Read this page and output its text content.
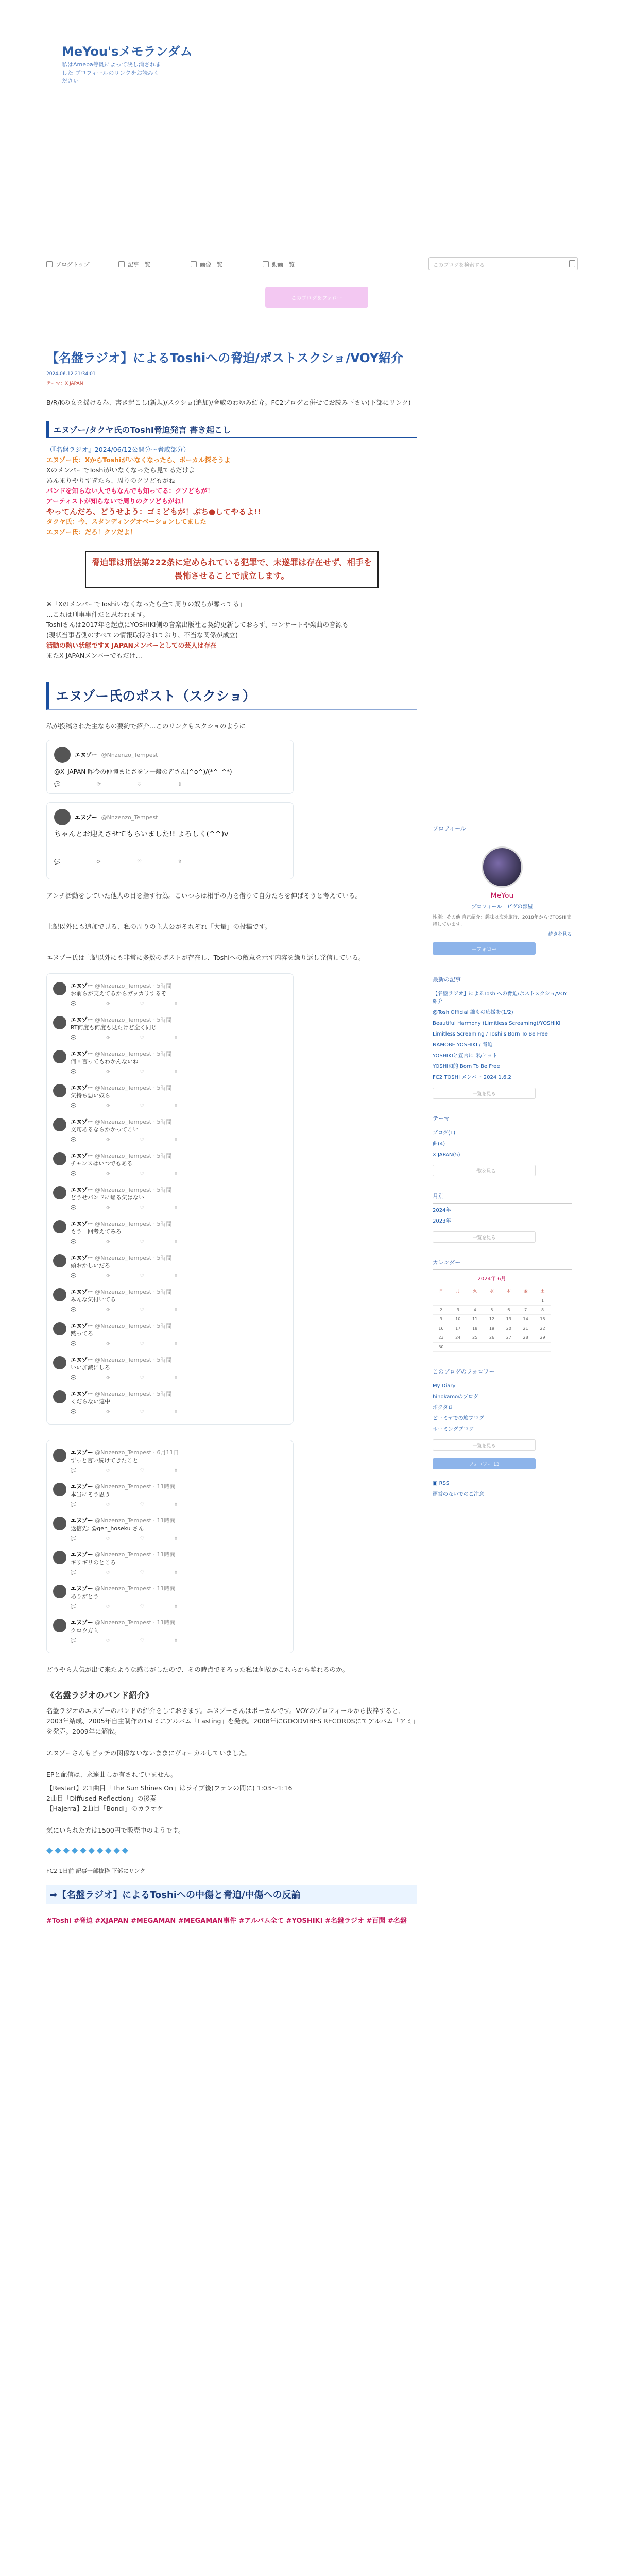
MeYou'sメモランダム
私はAmeba等既によって決し消されました プロフィールのリンクをお読みください
ブログトップ	記事一覧	画像一覧	動画一覧	このブログを検索する
このブログをフォロー
【名盤ラジオ】によるToshiへの脅迫/ポストスクショ/VOY紹介
2024-06-12 21:34:01
テーマ：X JAPAN
B/R/Kの女を揺ける為、書き起こし(新規)/スクショ(追加)/脅威のわゆみ紹介。FC2ブログと併せてお読み下さい(下部にリンク)
エヌゾー/タクヤ氏のToshi脅迫発言 書き起こし
（『名盤ラジオ』2024/06/12公開分〜脅威部分）
エヌゾー氏：XからToshiがいなくなったら、ボーカル探そうよ
XのメンバーでToshiがいなくなったら見てるだけよ
あんまりやりすぎたら、周りのクソどもがね
バンドを知らない人でもなんでも知ってる：クソどもが！
アーティストが知らないで周りのクソどもがね！
やってんだろ、どうせよう：ゴミどもが！ぶち●してやるよ!!
タクヤ氏：今、スタンディングオベーションしてました
エヌゾー氏：だろ！クソだよ！
脅迫罪は刑法第222条に定められている犯罪で、未遂罪は存在せず、相手を畏怖させることで成立します。
※「XのメンバーでToshiいなくなったら全て周りの奴らが奪ってる」
…これは刑事事件だと思われます。
Toshiさんは2017年を起点にYOSHIKI側の音楽出版社と契約更新しておらず、コンサートや楽曲の音源も
(現状当事者側のすべての情報取得されており、不当な関係が成立)
活動の熱い状態ですX JAPANメンバーとしての芸人は存在
またX JAPANメンバーでもだけ…
エヌゾー氏のポスト（スクショ）
私が投稿された主なもの要約で紹介…このリンクもスクショのように
エヌゾー @Nnzenzo_Tempest
@X_JAPAN 昨今の仲睦まじさをワ一般の皆さん(^o^)/(*^_^*)
💬	⟳	♡	⇧
エヌゾー @Nnzenzo_Tempest
ちゃんとお迎えさせてもらいました!! よろしく(^^)v
💬	⟳	♡	⇧
アンチ活動をしていた他人の目を指す行為。こいつらは相手の力を借りて自分たちを伸ばそうと考えている。
上記以外にも追加で見る、私の周りの主人公がそれぞれ「大量」の投稿です。
エヌゾー氏は上記以外にも非常に多数のポストが存在し、Toshiへの敵意を示す内容を繰り返し発信している。
エヌゾー @Nnzenzo_Tempest · 5時間
お前らが支えてるからガッカリするぞ
💬	⟳	♡	⇧
エヌゾー @Nnzenzo_Tempest · 5時間
RT何度も何度も見たけど全く同じ
💬	⟳	♡	⇧
エヌゾー @Nnzenzo_Tempest · 5時間
何回言ってもわかんないね
💬	⟳	♡	⇧
エヌゾー @Nnzenzo_Tempest · 5時間
気持ち悪い奴ら
💬	⟳	♡	⇧
エヌゾー @Nnzenzo_Tempest · 5時間
文句あるならかかってこい
💬	⟳	♡	⇧
エヌゾー @Nnzenzo_Tempest · 5時間
チャンスはいつでもある
💬	⟳	♡	⇧
エヌゾー @Nnzenzo_Tempest · 5時間
どうせバンドに帰る気はない
💬	⟳	♡	⇧
エヌゾー @Nnzenzo_Tempest · 5時間
もう一回考えてみろ
💬	⟳	♡	⇧
エヌゾー @Nnzenzo_Tempest · 5時間
頭おかしいだろ
💬	⟳	♡	⇧
エヌゾー @Nnzenzo_Tempest · 5時間
みんな気付いてる
💬	⟳	♡	⇧
エヌゾー @Nnzenzo_Tempest · 5時間
黙ってろ
💬	⟳	♡	⇧
エヌゾー @Nnzenzo_Tempest · 5時間
いい加減にしろ
💬	⟳	♡	⇧
エヌゾー @Nnzenzo_Tempest · 5時間
くだらない連中
💬	⟳	♡	⇧
エヌゾー @Nnzenzo_Tempest · 6月11日
ずっと言い続けてきたこと
💬	⟳	♡	⇧
エヌゾー @Nnzenzo_Tempest · 11時間
本当にそう思う
💬	⟳	♡	⇧
エヌゾー @Nnzenzo_Tempest · 11時間
返信先: @gen_hoseku さん
💬	⟳	♡	⇧
エヌゾー @Nnzenzo_Tempest · 11時間
ギリギリのところ
💬	⟳	♡	⇧
エヌゾー @Nnzenzo_Tempest · 11時間
ありがとう
💬	⟳	♡	⇧
エヌゾー @Nnzenzo_Tempest · 11時間
クロウ方向
💬	⟳	♡	⇧
どうやら人気が出て来たような感じがしたので、その時点でそろった私は何故かこれらから離れるのか。
《名盤ラジオのバンド紹介》
名盤ラジオのエヌゾーのバンドの紹介をしておきます。エヌゾーさんはボーカルです。VOYのプロフィールから抜粋すると、2003年結成、2005年自主制作の1stミニアルバム「Lasting」を発表。2008年にGOODVIBES RECORDSにてアルバム「アミ」を発売。2009年に解散。
エヌゾーさんもピッチの関係ないないままにヴォーカルしていました。
EPと配信は、永遠曲しか有されていません。
【Restart】の1曲目「The Sun Shines On」はライブ後(ファンの間に) 1:03〜1:16
2曲目「Diffused Reflection」の後奏
【Hajerra】2曲目「Bondi」のカラオケ
気にいられた方は1500円で販売中のようです。
◆◆◆◆◆◆◆◆◆◆
FC2 1日前 記事一部抜粋 下部にリンク
➡【名盤ラジオ】によるToshiへの中傷と脅迫/中傷への反論
#Toshi #脅迫 #XJAPAN #MEGAMAN #MEGAMAN事件 #アルバム全て #YOSHIKI #名盤ラジオ #百聞 #名盤
プロフィール
MeYou
プロフィール　 ピグの部屋
性別：その他 自己紹介：趣味は海外旅行、2018年からでTOSHI支持しています。
続きを見る
＋フォロー
最新の記事
【名盤ラジオ】によるToshiへの脅迫/ポストスクショ/VOY紹介
@ToshiOfficial 誰もの応援を(1/2)
Beautiful Harmony (Limitless Screaming)/YOSHIKI
Limitless Screaming / Toshi's Born To Be Free
NAMOBE YOSHIKI / 脅迫
YOSHIKIと宣言に 米/ヒット
YOSHIKI的 Born To Be Free
FC2 TOSHI メンバー 2024 1.6.2
一覧を見る
テーマ
ブログ(1)
曲(4)
X JAPAN(5)
一覧を見る
月別
2024年
2023年
一覧を見る
カレンダー
2024年 6月
日	月	火	水	木	金	土
						1
2	3	4	5	6	7	8
9	10	11	12	13	14	15
16	17	18	19	20	21	22
23	24	25	26	27	28	29
30						
このブログのフォロワー
My Diary
hinokamoのブログ
ボクタロ
ビーミヤでの旅ブログ
ホーミングブログ
一覧を見る
フォロワー 13
▣ RSS
運営のないでのご注意
